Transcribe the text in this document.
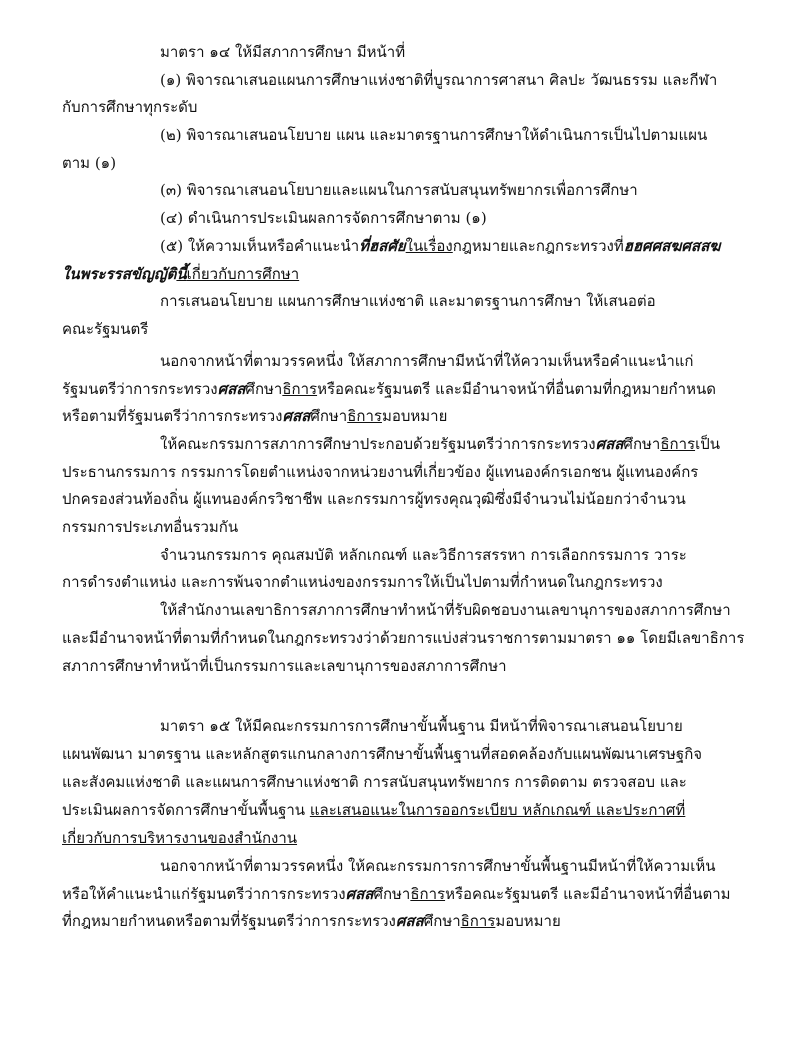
มาตรา ๑๔ ให้มีสภาการศึกษา มีหน้าที่
(๑) พิจารณาเสนอแผนการศึกษาแห่งชาติที่บูรณาการศาสนา ศิลปะ วัฒนธรรม และกีฬา
กับการศึกษาทุกระดับ
(๒) พิจารณาเสนอนโยบาย แผน และมาตรฐานการศึกษาให้ดำเนินการเป็นไปตามแผน
ตาม (๑)
(๓) พิจารณาเสนอนโยบายและแผนในการสนับสนุนทรัพยากรเพื่อการศึกษา
(๔) ดำเนินการประเมินผลการจัดการศึกษาตาม (๑)
(๕) ให้ความเห็นหรือคำแนะนำที่ฮสศัยในเรื่องกฎหมายและกฎกระทรวงที่ฮฮศศสฆศสสฆ
ในพระรรสขัญญัตินี้เกี่ยวกับการศึกษา
การเสนอนโยบาย แผนการศึกษาแห่งชาติ และมาตรฐานการศึกษา ให้เสนอต่อ
คณะรัฐมนตรี
นอกจากหน้าที่ตามวรรคหนึ่ง ให้สภาการศึกษามีหน้าที่ให้ความเห็นหรือคำแนะนำแก่
รัฐมนตรีว่าการกระทรวงศสสศึกษาธิการหรือคณะรัฐมนตรี และมีอำนาจหน้าที่อื่นตามที่กฎหมายกำหนด
หรือตามที่รัฐมนตรีว่าการกระทรวงศสสศึกษาธิการมอบหมาย
ให้คณะกรรมการสภาการศึกษาประกอบด้วยรัฐมนตรีว่าการกระทรวงศสสศึกษาธิการเป็น
ประธานกรรมการ กรรมการโดยตำแหน่งจากหน่วยงานที่เกี่ยวข้อง ผู้แทนองค์กรเอกชน ผู้แทนองค์กร
ปกครองส่วนท้องถิ่น ผู้แทนองค์กรวิชาชีพ และกรรมการผู้ทรงคุณวุฒิซึ่งมีจำนวนไม่น้อยกว่าจำนวน
กรรมการประเภทอื่นรวมกัน
จำนวนกรรมการ คุณสมบัติ หลักเกณฑ์ และวิธีการสรรหา การเลือกกรรมการ วาระ
การดำรงตำแหน่ง และการพ้นจากตำแหน่งของกรรมการให้เป็นไปตามที่กำหนดในกฎกระทรวง
ให้สำนักงานเลขาธิการสภาการศึกษาทำหน้าที่รับผิดชอบงานเลขานุการของสภาการศึกษา
และมีอำนาจหน้าที่ตามที่กำหนดในกฎกระทรวงว่าด้วยการแบ่งส่วนราชการตามมาตรา ๑๑ โดยมีเลขาธิการ
สภาการศึกษาทำหน้าที่เป็นกรรมการและเลขานุการของสภาการศึกษา
มาตรา ๑๕ ให้มีคณะกรรมการการศึกษาขั้นพื้นฐาน มีหน้าที่พิจารณาเสนอนโยบาย
แผนพัฒนา มาตรฐาน และหลักสูตรแกนกลางการศึกษาขั้นพื้นฐานที่สอดคล้องกับแผนพัฒนาเศรษฐกิจ
และสังคมแห่งชาติ และแผนการศึกษาแห่งชาติ การสนับสนุนทรัพยากร การติดตาม ตรวจสอบ และ
ประเมินผลการจัดการศึกษาขั้นพื้นฐาน และเสนอแนะในการออกระเบียบ หลักเกณฑ์ และประกาศที่
เกี่ยวกับการบริหารงานของสำนักงาน
นอกจากหน้าที่ตามวรรคหนึ่ง ให้คณะกรรมการการศึกษาขั้นพื้นฐานมีหน้าที่ให้ความเห็น
หรือให้คำแนะนำแก่รัฐมนตรีว่าการกระทรวงศสสศึกษาธิการหรือคณะรัฐมนตรี และมีอำนาจหน้าที่อื่นตาม
ที่กฎหมายกำหนดหรือตามที่รัฐมนตรีว่าการกระทรวงศสสศึกษาธิการมอบหมาย
